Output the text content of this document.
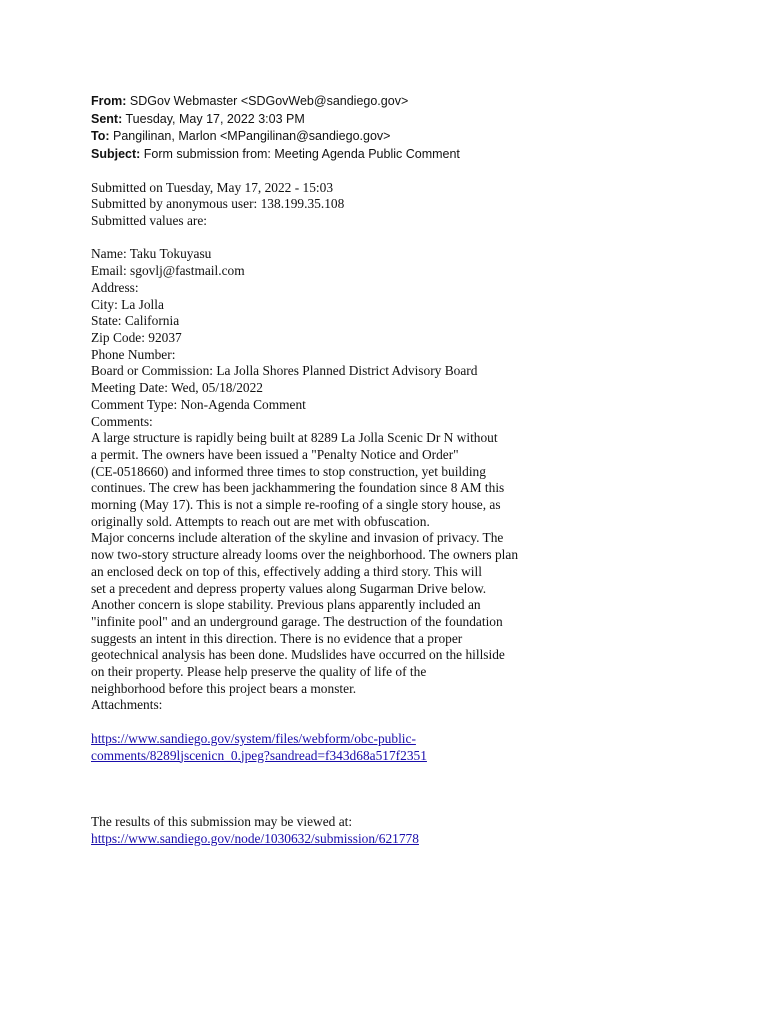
From: SDGov Webmaster <SDGovWeb@sandiego.gov>
Sent: Tuesday, May 17, 2022 3:03 PM
To: Pangilinan, Marlon <MPangilinan@sandiego.gov>
Subject: Form submission from: Meeting Agenda Public Comment
Submitted on Tuesday, May 17, 2022 - 15:03
Submitted by anonymous user: 138.199.35.108
Submitted values are:
Name: Taku Tokuyasu
Email: sgovlj@fastmail.com
Address:
City: La Jolla
State: California
Zip Code: 92037
Phone Number:
Board or Commission: La Jolla Shores Planned District Advisory Board
Meeting Date: Wed, 05/18/2022
Comment Type: Non-Agenda Comment
Comments:
A large structure is rapidly being built at 8289 La Jolla Scenic Dr N without
a permit. The owners have been issued a "Penalty Notice and Order"
(CE-0518660) and informed three times to stop construction, yet building
continues. The crew has been jackhammering the foundation since 8 AM this
morning (May 17). This is not a simple re-roofing of a single story house, as
originally sold. Attempts to reach out are met with obfuscation.
Major concerns include alteration of the skyline and invasion of privacy. The
now two-story structure already looms over the neighborhood. The owners plan
an enclosed deck on top of this, effectively adding a third story. This will
set a precedent and depress property values along Sugarman Drive below.
Another concern is slope stability. Previous plans apparently included an
"infinite pool" and an underground garage. The destruction of the foundation
suggests an intent in this direction. There is no evidence that a proper
geotechnical analysis has been done. Mudslides have occurred on the hillside
on their property. Please help preserve the quality of life of the
neighborhood before this project bears a monster.
Attachments:
https://www.sandiego.gov/system/files/webform/obc-public-
comments/8289ljscenicn_0.jpeg?sandread=f343d68a517f2351
The results of this submission may be viewed at:
https://www.sandiego.gov/node/1030632/submission/621778
